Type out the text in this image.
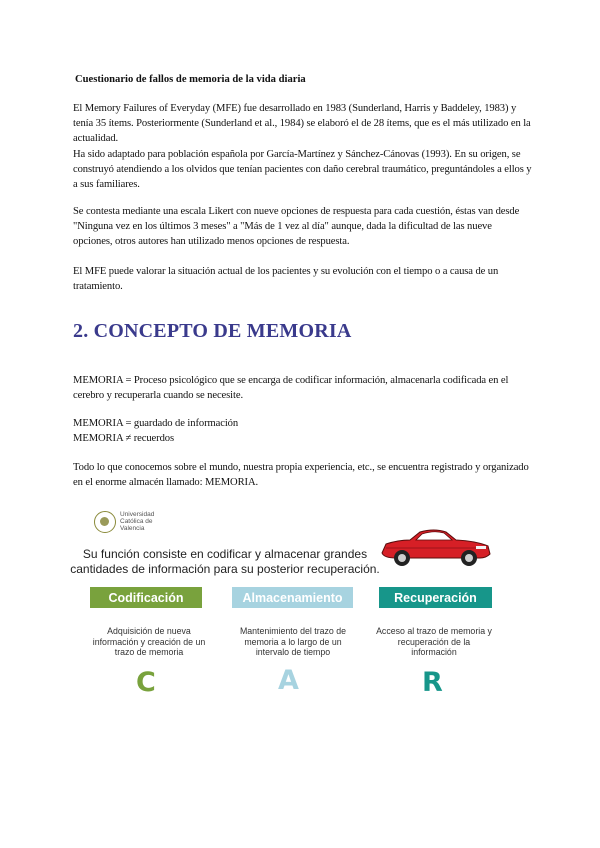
Cuestionario de fallos de memoria de la vida diaria

El Memory Failures of Everyday (MFE) fue desarrollado en 1983 (Sunderland, Harris y Baddeley, 1983) y tenía 35 ítems. Posteriormente (Sunderland et al., 1984) se elaboró el de 28 ítems, que es el más utilizado en la actualidad.

Ha sido adaptado para población española por García-Martínez y Sánchez-Cánovas (1993). En su origen, se construyó atendiendo a los olvidos que tenían pacientes con daño cerebral traumático, preguntándoles a ellos y a sus familiares.

Se contesta mediante una escala Likert con nueve opciones de respuesta para cada cuestión, éstas van desde "Ninguna vez en los últimos 3 meses" a "Más de 1 vez al día" aunque, dada la dificultad de las nueve opciones, otros autores han utilizado menos opciones de respuesta.
El MFE puede valorar la situación actual de los pacientes y su evolución con el tiempo o a causa de un tratamiento.
2. CONCEPTO DE MEMORIA
MEMORIA = Proceso psicológico que se encarga de codificar información, almacenarla codificada en el cerebro y recuperarla cuando se necesite.

MEMORIA = guardado de información

MEMORIA ≠ recuerdos

Todo lo que conocemos sobre el mundo, nuestra propia experiencia, etc., se encuentra registrado y organizado en el enorme almacén llamado: MEMORIA.
Universidad
Católica de
Valencia
Su función consiste en codificar y almacenar grandes cantidades de información para su posterior recuperación.
Codificación	Almacenamiento	Recuperación
Adquisición de nueva información y creación de un trazo de memoria
Mantenimiento del trazo de memoria a lo largo de un intervalo de tiempo
Acceso al trazo de memoria y recuperación de la información
C	A	R
